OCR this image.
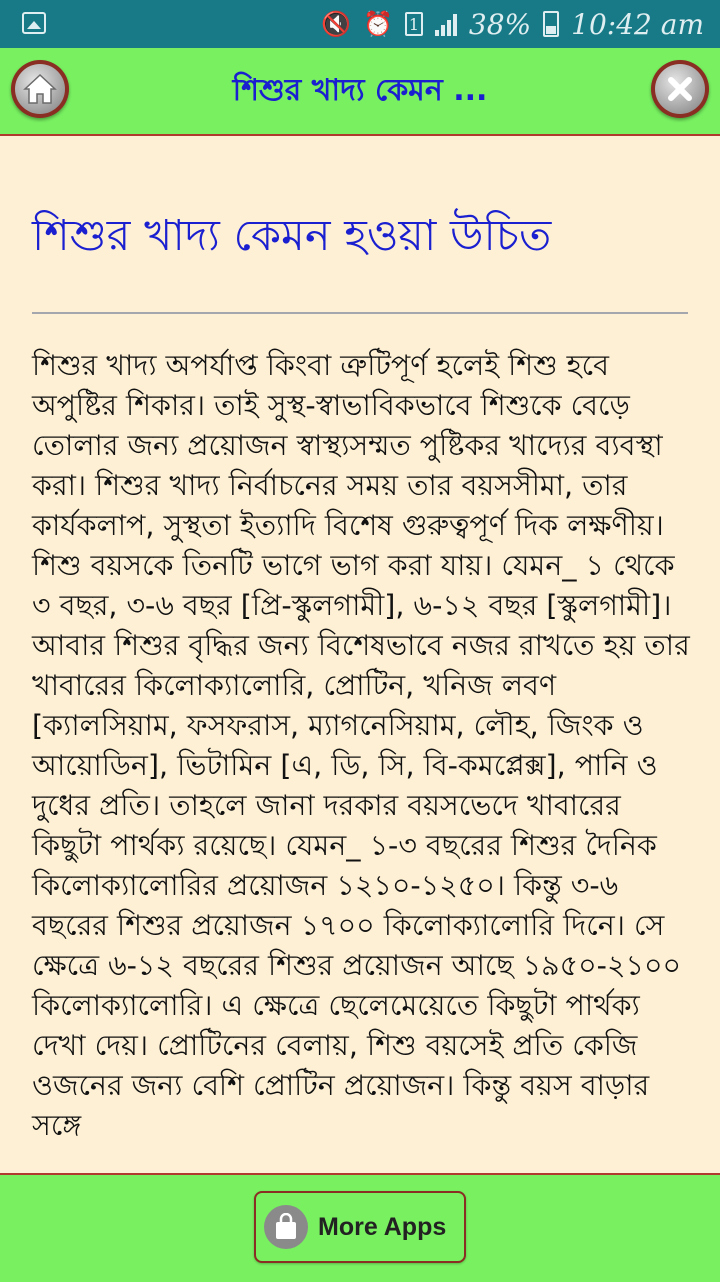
🔇 ⏰ 1 38% 10:42 am
শিশুর খাদ্য কেমন ...
শিশুর খাদ্য কেমন হওয়া উচিত

শিশুর খাদ্য অপর্যাপ্ত কিংবা ত্রুটিপূর্ণ হলেই শিশু হবে অপুষ্টির শিকার। তাই সুস্থ-স্বাভাবিকভাবে শিশুকে বেড়ে তোলার জন্য প্রয়োজন স্বাস্থ্যসম্মত পুষ্টিকর খাদ্যের ব্যবস্থা করা। শিশুর খাদ্য নির্বাচনের সময় তার বয়সসীমা, তার কার্যকলাপ, সুস্থতা ইত্যাদি বিশেষ গুরুত্বপূর্ণ দিক লক্ষণীয়। শিশু বয়সকে তিনটি ভাগে ভাগ করা যায়। যেমন_ ১ থেকে ৩ বছর, ৩-৬ বছর [প্রি-স্কুলগামী], ৬-১২ বছর [স্কুলগামী]। আবার শিশুর বৃদ্ধির জন্য বিশেষভাবে নজর রাখতে হয় তার খাবারের কিলোক্যালোরি, প্রোটিন, খনিজ লবণ [ক্যালসিয়াম, ফসফরাস, ম্যাগনেসিয়াম, লৌহ, জিংক ও আয়োডিন], ভিটামিন [এ, ডি, সি, বি-কমপ্লেক্স], পানি ও দুধের প্রতি। তাহলে জানা দরকার বয়সভেদে খাবারের কিছুটা পার্থক্য রয়েছে। যেমন_ ১-৩ বছরের শিশুর দৈনিক কিলোক্যালোরির প্রয়োজন ১২১০-১২৫০। কিন্তু ৩-৬ বছরের শিশুর প্রয়োজন ১৭০০ কিলোক্যালোরি দিনে। সে ক্ষেত্রে ৬-১২ বছরের শিশুর প্রয়োজন আছে ১৯৫০-২১০০ কিলোক্যালোরি। এ ক্ষেত্রে ছেলেমেয়েতে কিছুটা পার্থক্য দেখা দেয়। প্রোটিনের বেলায়, শিশু বয়সেই প্রতি কেজি ওজনের জন্য বেশি প্রোটিন প্রয়োজন। কিন্তু বয়স বাড়ার সঙ্গে

More Apps
